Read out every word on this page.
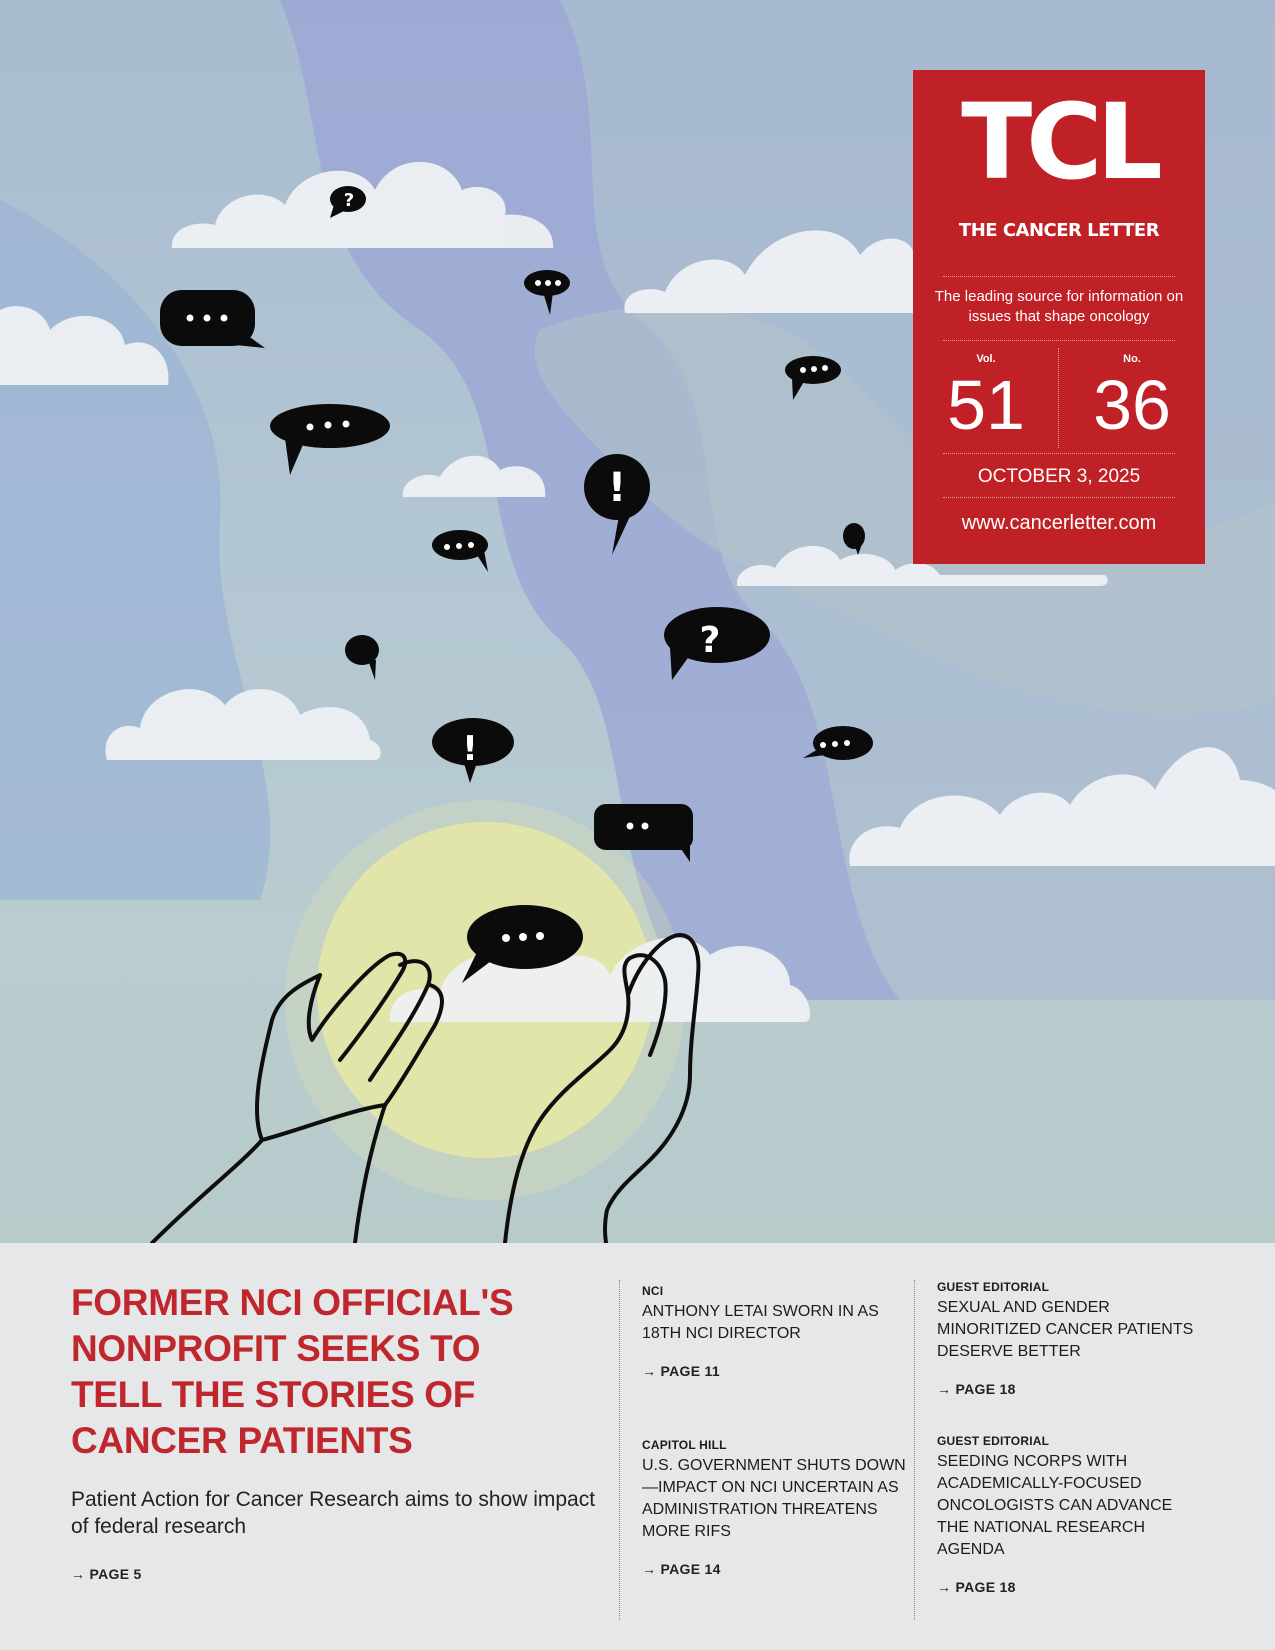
!
?
!
?	TCL
THE CANCER LETTER
The leading source for information on issues that shape oncology
Vol.
51
No.
36
OCTOBER 3, 2025
www.cancerletter.com
FORMER NCI OFFICIAL'S NONPROFIT SEEKS TO TELL THE STORIES OF CANCER PATIENTS
Patient Action for Cancer Research aims to show impact of federal research
→ PAGE 5
NCI
ANTHONY LETAI SWORN IN AS 18TH NCI DIRECTOR
→ PAGE 11
CAPITOL HILL
U.S. GOVERNMENT SHUTS DOWN—IMPACT ON NCI UNCERTAIN AS ADMINISTRATION THREATENS MORE RIFS
→ PAGE 14
GUEST EDITORIAL
SEXUAL AND GENDER MINORITIZED CANCER PATIENTS DESERVE BETTER
→ PAGE 18
GUEST EDITORIAL
SEEDING NCORPS WITH ACADEMICALLY-FOCUSED ONCOLOGISTS CAN ADVANCE THE NATIONAL RESEARCH AGENDA
→ PAGE 18
